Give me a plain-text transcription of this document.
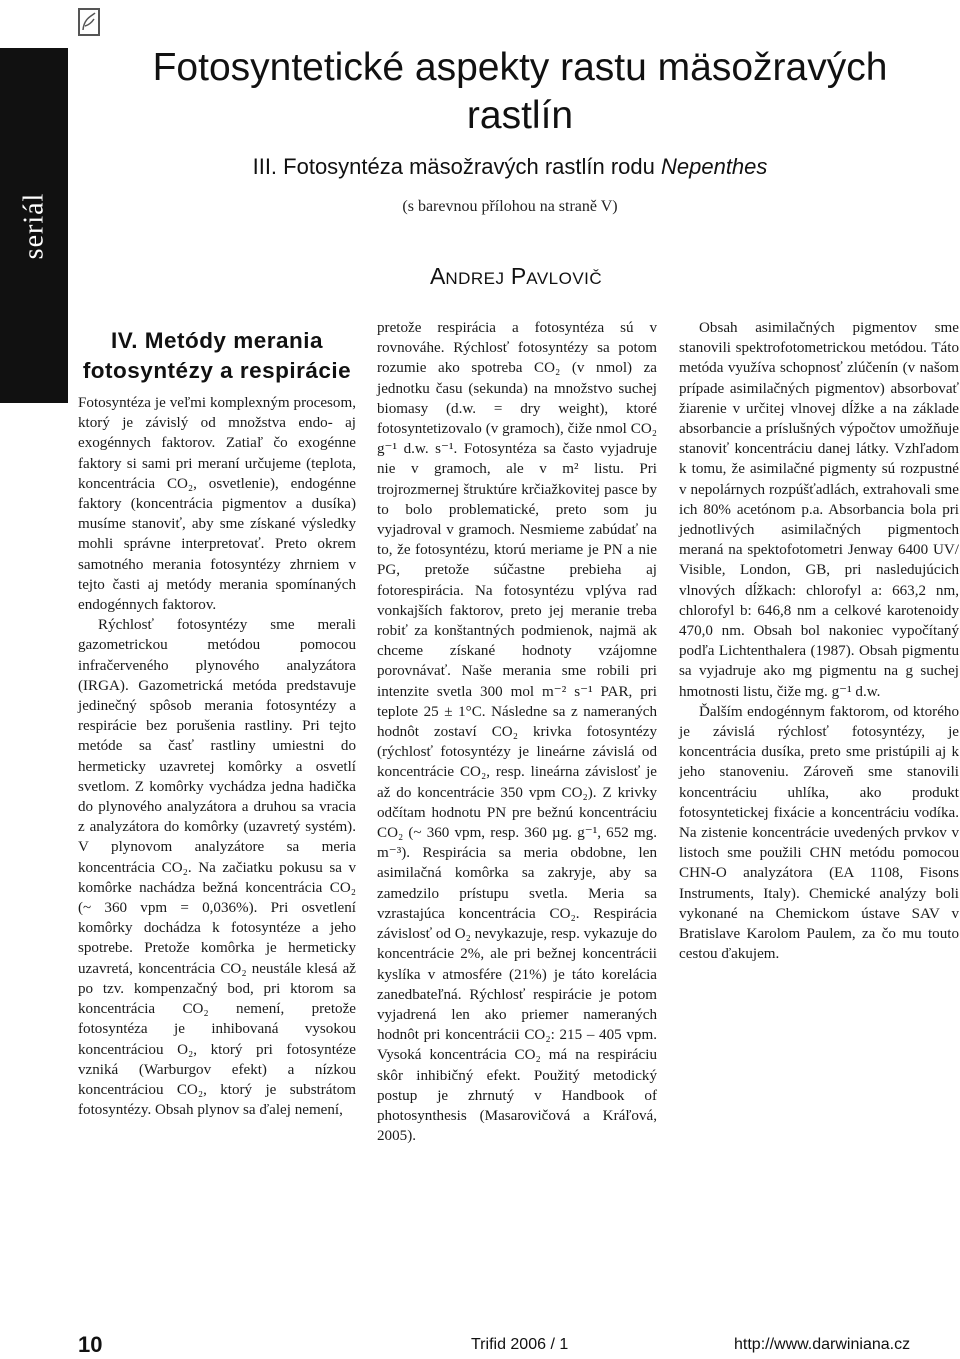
seriál
Fotosyntetické aspekty rastu mäsožravých rastlín
III. Fotosyntéza mäsožravých rastlín rodu Nepenthes
(s barevnou přílohou na straně V)
ANDREJ PAVLOVIČ
IV. Metódy merania fotosyntézy a respirácie

Fotosyntéza je veľmi komplexným procesom, ktorý je závislý od množstva endo- aj exogénnych faktorov. Zatiaľ čo exogénne faktory si sami pri meraní určujeme (teplota, koncentrácia CO₂, osvetlenie), endogénne faktory (koncentrácia pigmentov a dusíka) musíme stanoviť, aby sme získané výsledky mohli správne interpretovať. Preto okrem samotného merania fotosyntézy zhrniem v tejto časti aj metódy merania spomínaných endogénnych faktorov.

Rýchlosť fotosyntézy sme merali gazometrickou metódou pomocou infračerveného plynového analyzátora (IRGA). Gazometrická metóda predstavuje jedinečný spôsob merania fotosyntézy a respirácie bez porušenia rastliny. Pri tejto metóde sa časť rastliny umiestni do hermeticky uzavretej komôrky a osvetlí svetlom. Z komôrky vychádza jedna hadička do plynového analyzátora a druhou sa vracia z analyzátora do komôrky (uzavretý systém). V plynovom analyzátore sa meria koncentrácia CO₂. Na začiatku pokusu sa v komôrke nachádza bežná koncentrácia CO₂ (~ 360 vpm = 0,036%). Pri osvetlení komôrky dochádza k fotosyntéze a jeho spotrebe. Pretože komôrka je hermeticky uzavretá, koncentrácia CO₂ neustále klesá až po tzv. kompenzačný bod, pri ktorom sa koncentrácia CO₂ nemení, pretože fotosyntéza je inhibovaná vysokou koncentráciou O₂, ktorý pri fotosyntéze vzniká (Warburgov efekt) a nízkou koncentráciou CO₂, ktorý je substrátom fotosyntézy. Obsah plynov sa ďalej nemení,

pretože respirácia a fotosyntéza sú v rovnováhe. Rýchlosť fotosyntézy sa potom rozumie ako spotreba CO₂ (v nmol) za jednotku času (sekunda) na množstvo suchej biomasy (d.w. = dry weight), ktoré fotosyntetizovalo (v gramoch), čiže nmol CO₂ g⁻¹ d.w. s⁻¹. Fotosyntéza sa často vyjadruje nie v gramoch, ale v m² listu. Pri trojrozmernej štruktúre krčiažkovitej pasce by to bolo problematické, preto som ju vyjadroval v gramoch. Nesmieme zabúdať na to, že fotosyntézu, ktorú meriame je PN a nie PG, pretože súčastne prebieha aj fotorespirácia. Na fotosyntézu vplýva rad vonkajších faktorov, preto jej meranie treba robiť za konštantných podmienok, najmä ak chceme získané hodnoty vzájomne porovnávať. Naše merania sme robili pri intenzite svetla 300 mol m⁻² s⁻¹ PAR, pri teplote 25 ± 1°C. Následne sa z nameraných hodnôt zostaví CO₂ krivka fotosyntézy (rýchlosť fotosyntézy je lineárne závislá od koncentrácie CO₂, resp. lineárna závislosť je až do koncentrácie 350 vpm CO₂). Z krivky odčítam hodnotu PN pre bežnú koncentráciu CO₂ (~ 360 vpm, resp. 360 µg. g⁻¹, 652 mg. m⁻³). Respirácia sa meria obdobne, len asimilačná komôrka sa zakryje, aby sa zamedzilo prístupu svetla. Meria sa vzrastajúca koncentrácia CO₂. Respirácia závislosť od O₂ nevykazuje, resp. vykazuje do koncentrácie 2%, ale pri bežnej koncentrácii kyslíka v atmosfére (21%) je táto korelácia zanedbateľná. Rýchlosť respirácie je potom vyjadrená len ako priemer nameraných hodnôt pri koncentrácii CO₂: 215 – 405 vpm. Vysoká koncentrácia CO₂ má na respiráciu skôr inhibičný efekt. Použitý metodický postup je zhrnutý v Handbook of photosynthesis (Masarovičová a Kráľová, 2005).

Obsah asimilačných pigmentov sme stanovili spektrofotometrickou metódou. Táto metóda využíva schopnosť zlúčenín (v našom prípade asimilačných pigmentov) absorbovať žiarenie v určitej vlnovej dĺžke a na základe absorbancie a príslušných výpočtov umožňuje stanoviť koncentráciu danej látky. Vzhľadom k tomu, že asimilačné pigmenty sú rozpustné v nepolárnych rozpúšťadlách, extrahovali sme ich 80% acetónom p.a. Absorbancia bola pri jednotlivých asimilačných pigmentoch meraná na spektofotometri Jenway 6400 UV/ Visible, London, GB, pri nasledujúcich vlnových dĺžkach: chlorofyl a: 663,2 nm, chlorofyl b: 646,8 nm a celkové karotenoidy 470,0 nm. Obsah bol nakoniec vypočítaný podľa Lichtenthalera (1987). Obsah pigmentu sa vyjadruje ako mg pigmentu na g suchej hmotnosti listu, čiže mg. g⁻¹ d.w.

Ďalším endogénnym faktorom, od ktorého je závislá rýchlosť fotosyntézy, je koncentrácia dusíka, preto sme pristúpili aj k jeho stanoveniu. Zároveň sme stanovili koncentráciu uhlíka, ako produkt fotosyntetickej fixácie a koncentráciu vodíka. Na zistenie koncentrácie uvedených prvkov v listoch sme použili CHN metódu pomocou CHN-O analyzátora (EA 1108, Fisons Instruments, Italy). Chemické analýzy boli vykonané na Chemickom ústave SAV v Bratislave Karolom Paulem, za čo mu touto cestou ďakujem.

10	Trifid 2006 / 1	http://www.darwiniana.cz
